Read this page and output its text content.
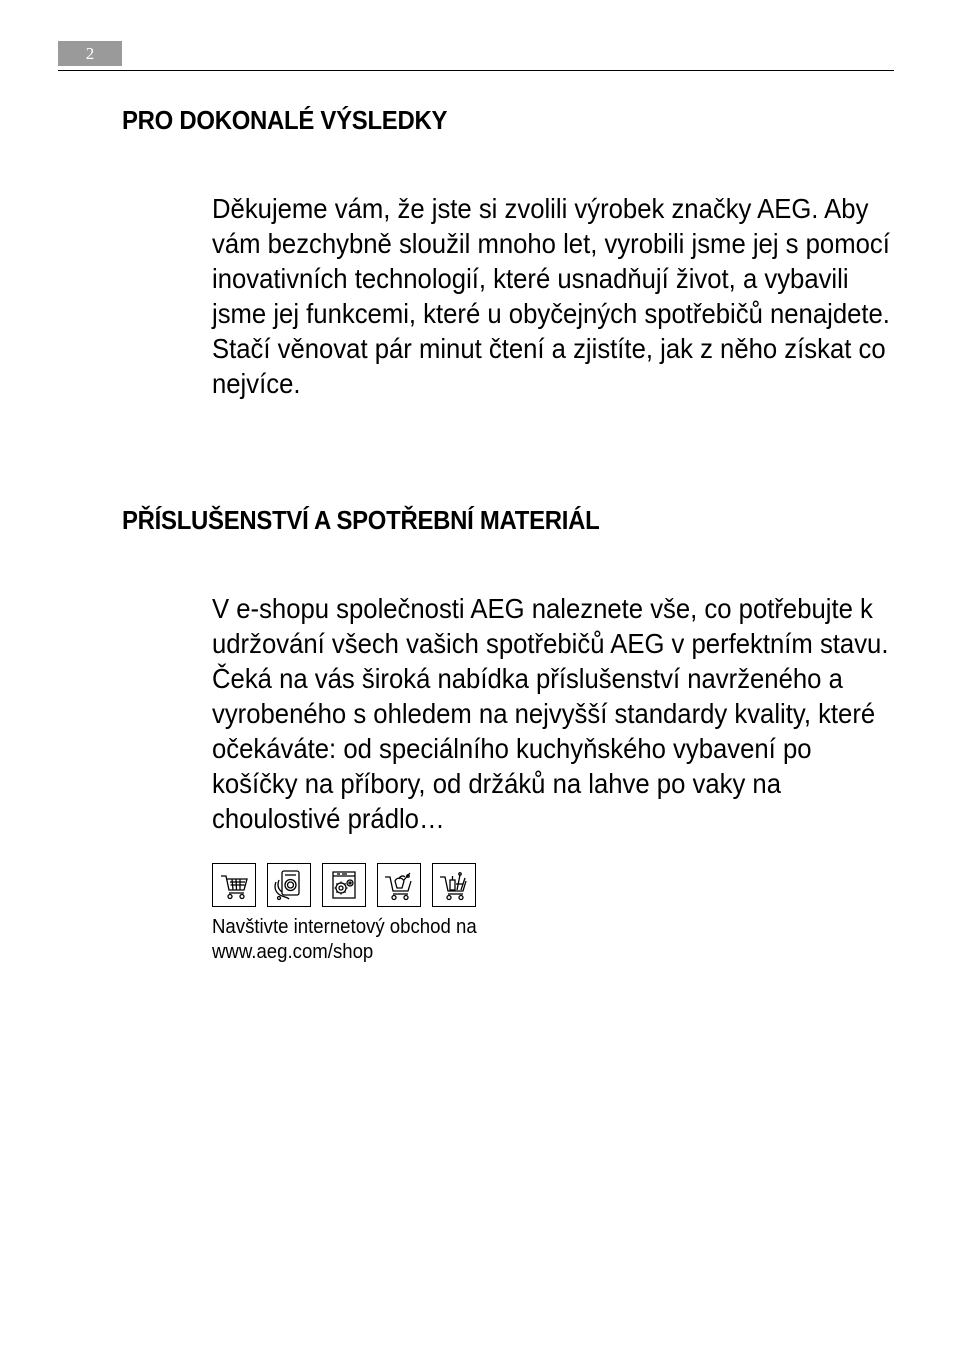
2
PRO DOKONALÉ VÝSLEDKY

Děkujeme vám, že jste si zvolili výrobek značky AEG. Aby vám bezchybně sloužil mnoho let, vyrobili jsme jej s pomocí inovativních technologií, které usnadňují život, a vybavili jsme jej funkcemi, které u obyčejných spotřebičů nenajdete. Stačí věnovat pár minut čtení a zjistíte, jak z něho získat co nejvíce.

PŘÍSLUŠENSTVÍ A SPOTŘEBNÍ MATERIÁL

V e-shopu společnosti AEG naleznete vše, co potřebujte k udržování všech vašich spotřebičů AEG v perfektním stavu. Čeká na vás široká nabídka příslušenství navrženého a vyrobeného s ohledem na nejvyšší standardy kvality, které očekáváte: od speciálního kuchyňského vybavení po košíčky na příbory, od držáků na lahve po vaky na choulostivé prádlo…

Navštivte internetový obchod na

www.aeg.com/shop
